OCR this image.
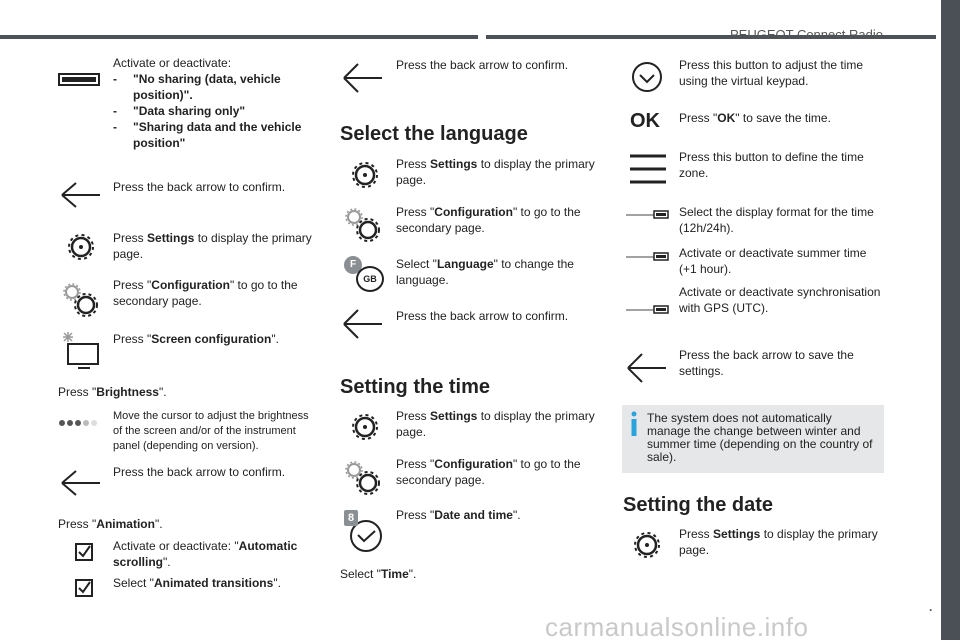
PEUGEOT Connect Radio
17
.
Activate or deactivate:
- "No sharing (data, vehicle position)".
- "Data sharing only"
- "Sharing data and the vehicle position"
Press the back arrow to confirm.
Press Settings to display the primary page.
Press "Configuration" to go to the secondary page.
Press "Screen configuration".
Press "Brightness".
Move the cursor to adjust the brightness of the screen and/or of the instrument panel (depending on version).
Press the back arrow to confirm.
Press "Animation".
Activate or deactivate: "Automatic scrolling".
Select "Animated transitions".
Press the back arrow to confirm.
Select the language
Press Settings to display the primary page.
Press "Configuration" to go to the secondary page.
F
GB
Select "Language" to change the language.
Press the back arrow to confirm.
Setting the time
Press Settings to display the primary page.
Press "Configuration" to go to the secondary page.
8	Press "Date and time".
Select "Time".
Press this button to adjust the time using the virtual keypad.
OK Press "OK" to save the time.
Press this button to define the time zone.
Select the display format for the time (12h/24h).
Activate or deactivate summer time (+1 hour).
Activate or deactivate synchronisation with GPS (UTC).
Press the back arrow to save the settings.
The system does not automatically manage the change between winter and summer time (depending on the country of sale).
Setting the date
Press Settings to display the primary page.
carmanualsonline.info
